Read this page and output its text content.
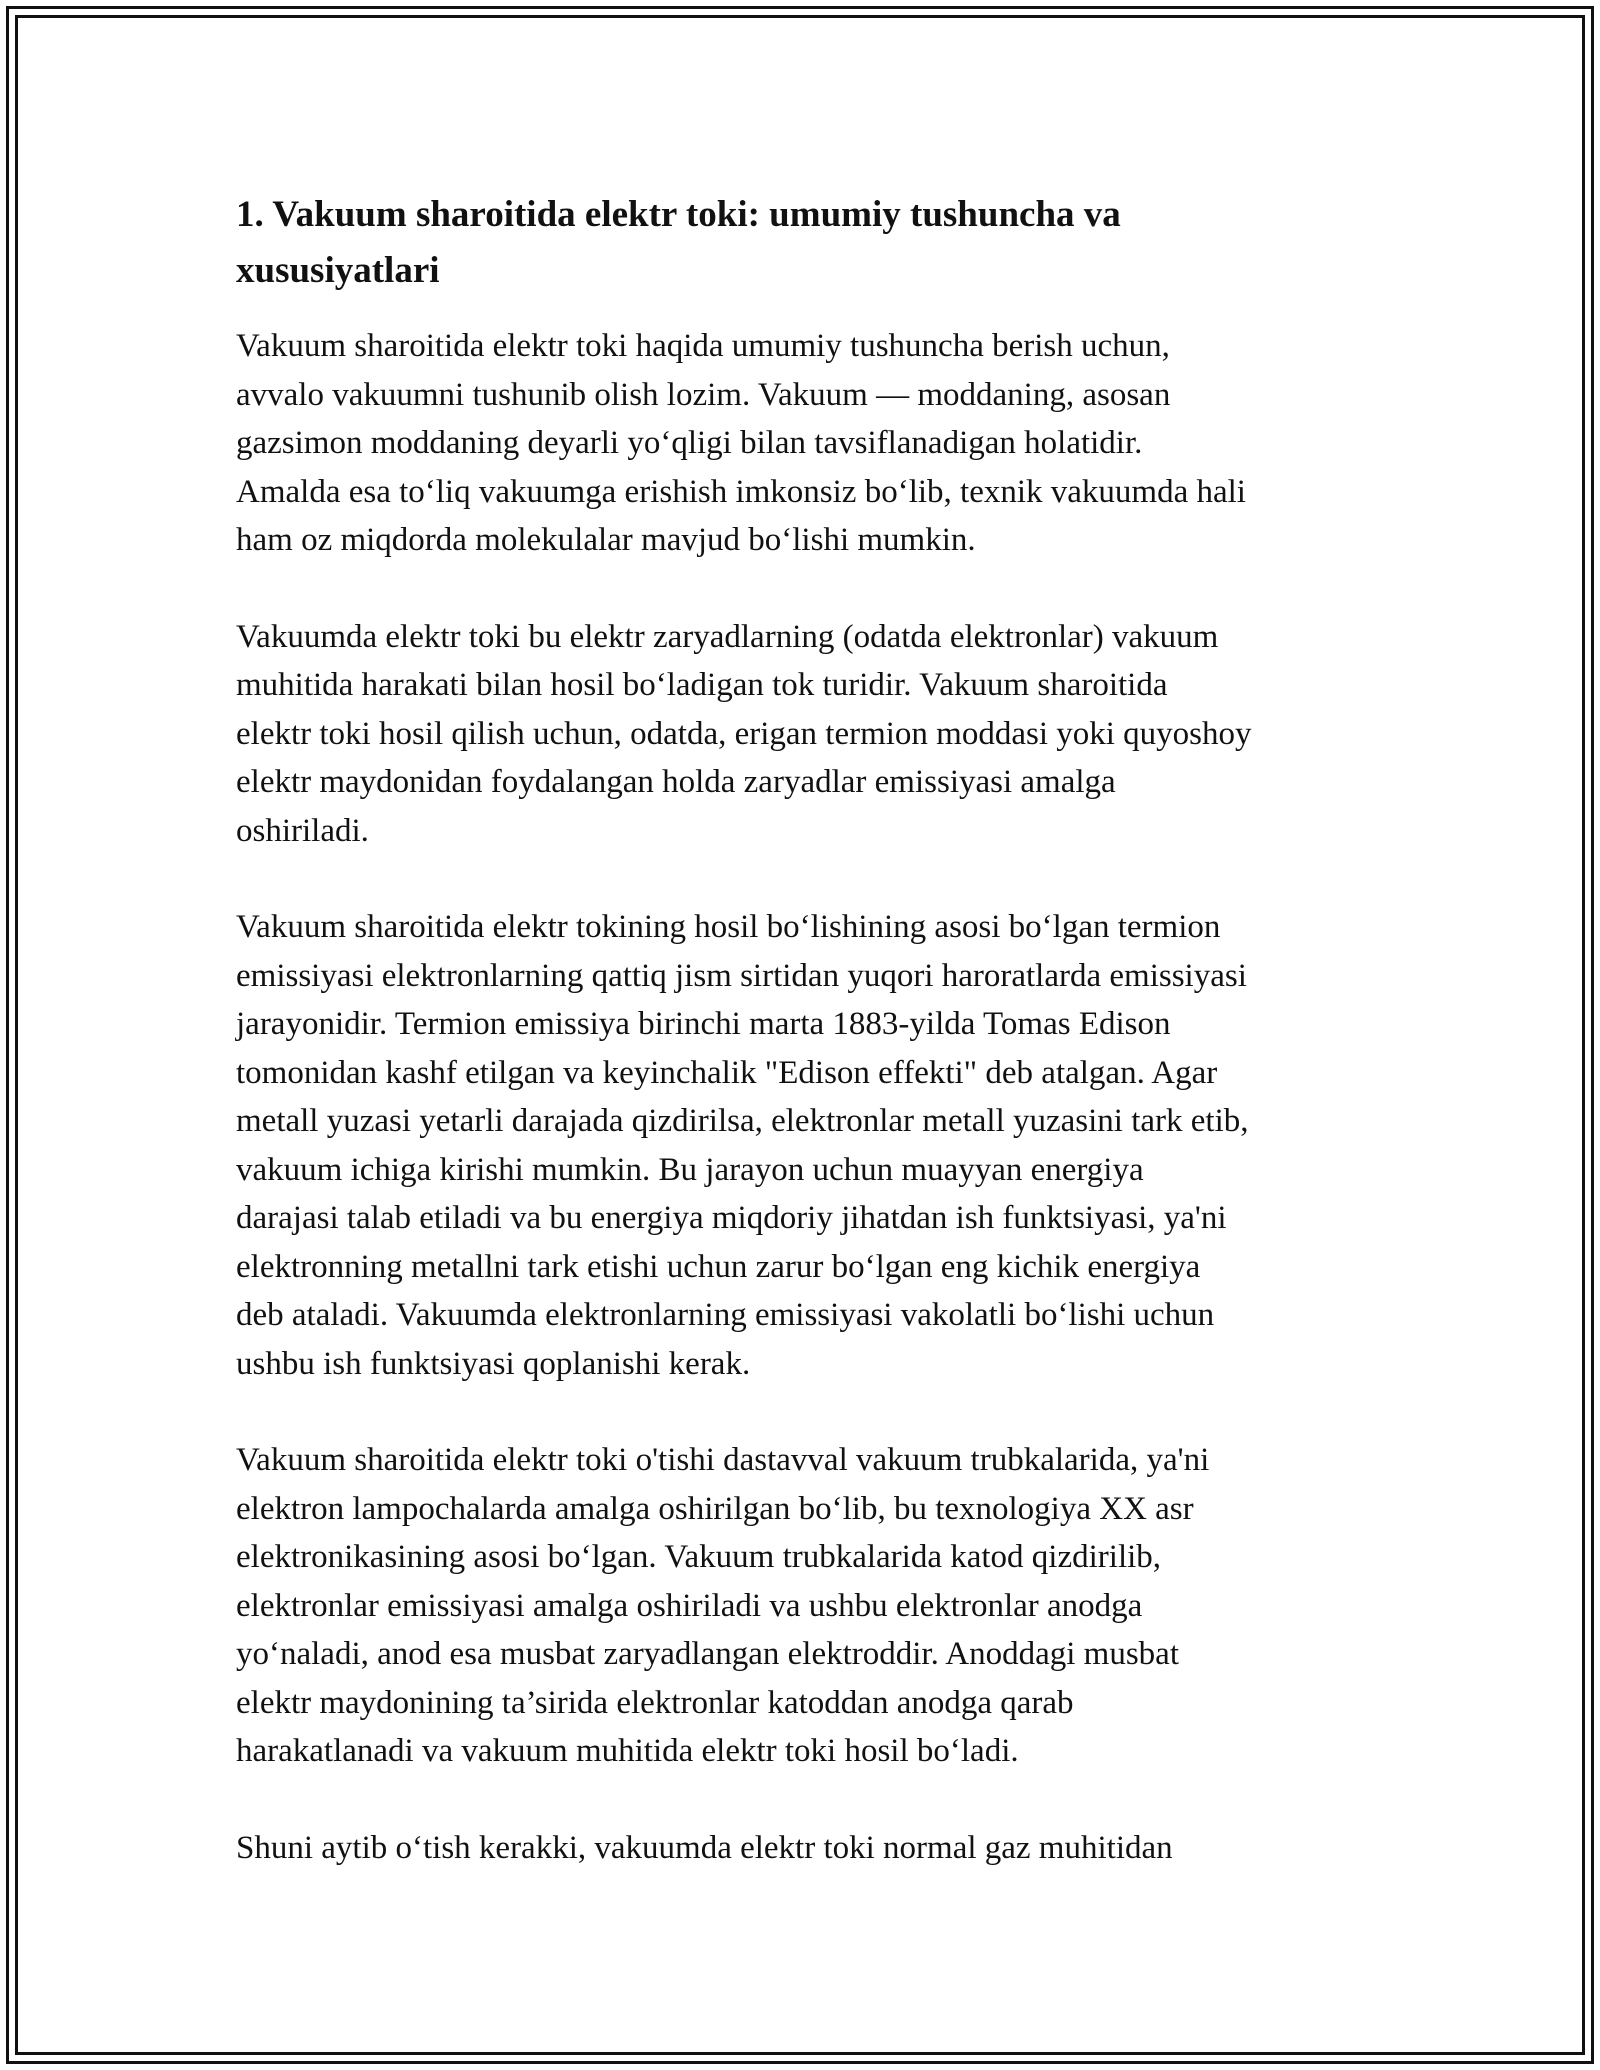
1. Vakuum sharoitida elektr toki: umumiy tushuncha va
xususiyatlari

Vakuum sharoitida elektr toki haqida umumiy tushuncha berish uchun,
avvalo vakuumni tushunib olish lozim. Vakuum — moddaning, asosan
gazsimon moddaning deyarli yo‘qligi bilan tavsiflanadigan holatidir.
Amalda esa to‘liq vakuumga erishish imkonsiz bo‘lib, texnik vakuumda hali
ham oz miqdorda molekulalar mavjud bo‘lishi mumkin.

Vakuumda elektr toki bu elektr zaryadlarning (odatda elektronlar) vakuum
muhitida harakati bilan hosil bo‘ladigan tok turidir. Vakuum sharoitida
elektr toki hosil qilish uchun, odatda, erigan termion moddasi yoki quyoshoy
elektr maydonidan foydalangan holda zaryadlar emissiyasi amalga
oshiriladi.

Vakuum sharoitida elektr tokining hosil bo‘lishining asosi bo‘lgan termion
emissiyasi elektronlarning qattiq jism sirtidan yuqori haroratlarda emissiyasi
jarayonidir. Termion emissiya birinchi marta 1883-yilda Tomas Edison
tomonidan kashf etilgan va keyinchalik "Edison effekti" deb atalgan. Agar
metall yuzasi yetarli darajada qizdirilsa, elektronlar metall yuzasini tark etib,
vakuum ichiga kirishi mumkin. Bu jarayon uchun muayyan energiya
darajasi talab etiladi va bu energiya miqdoriy jihatdan ish funktsiyasi, ya'ni
elektronning metallni tark etishi uchun zarur bo‘lgan eng kichik energiya
deb ataladi. Vakuumda elektronlarning emissiyasi vakolatli bo‘lishi uchun
ushbu ish funktsiyasi qoplanishi kerak.

Vakuum sharoitida elektr toki o'tishi dastavval vakuum trubkalarida, ya'ni
elektron lampochalarda amalga oshirilgan bo‘lib, bu texnologiya XX asr
elektronikasining asosi bo‘lgan. Vakuum trubkalarida katod qizdirilib,
elektronlar emissiyasi amalga oshiriladi va ushbu elektronlar anodga
yo‘naladi, anod esa musbat zaryadlangan elektroddir. Anoddagi musbat
elektr maydonining ta’sirida elektronlar katoddan anodga qarab
harakatlanadi va vakuum muhitida elektr toki hosil bo‘ladi.

Shuni aytib o‘tish kerakki, vakuumda elektr toki normal gaz muhitidan
